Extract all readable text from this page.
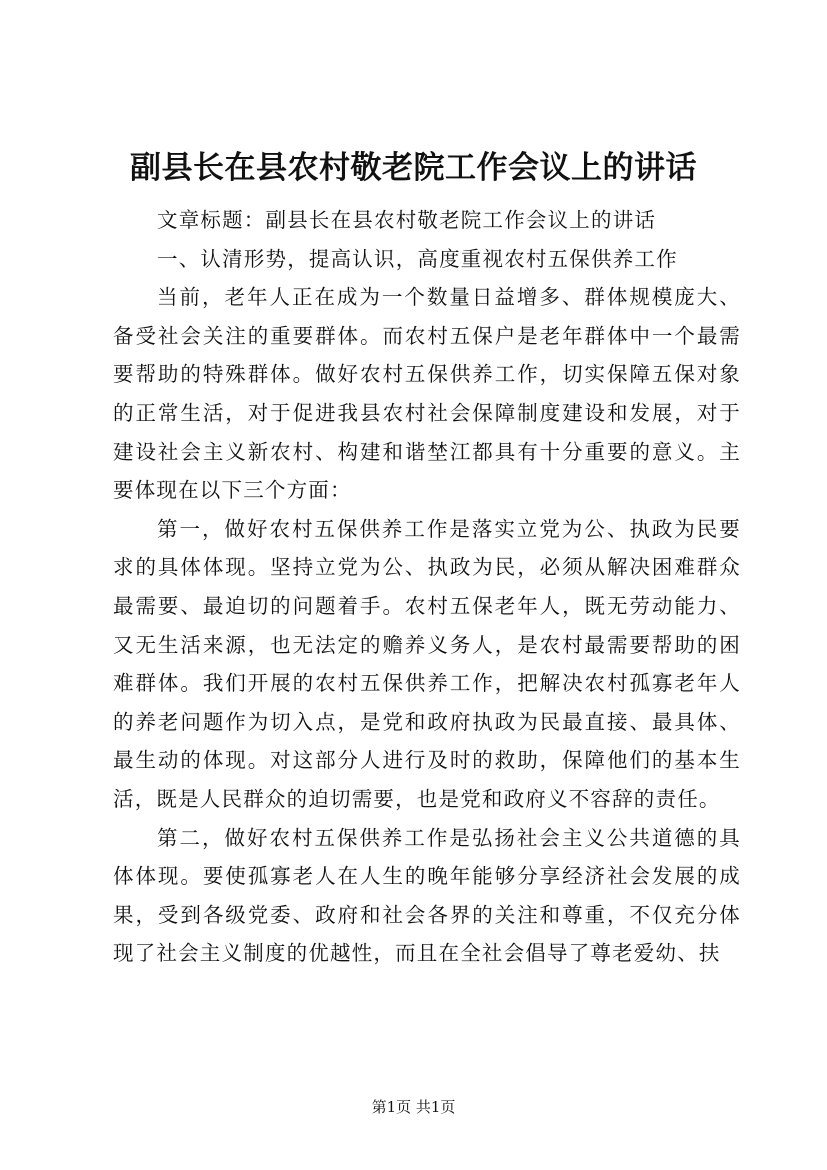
副县长在县农村敬老院工作会议上的讲话
文章标题：副县长在县农村敬老院工作会议上的讲话
一、认清形势，提高认识，高度重视农村五保供养工作

当前，老年人正在成为一个数量日益增多、群体规模庞大、备受社会关注的重要群体。而农村五保户是老年群体中一个最需要帮助的特殊群体。做好农村五保供养工作，切实保障五保对象的正常生活，对于促进我县农村社会保障制度建设和发展，对于建设社会主义新农村、构建和谐埜江都具有十分重要的意义。主要体现在以下三个方面：

第一，做好农村五保供养工作是落实立党为公、执政为民要求的具体体现。坚持立党为公、执政为民，必须从解决困难群众最需要、最迫切的问题着手。农村五保老年人，既无劳动能力、又无生活来源，也无法定的赡养义务人，是农村最需要帮助的困难群体。我们开展的农村五保供养工作，把解决农村孤寡老年人的养老问题作为切入点，是党和政府执政为民最直接、最具体、最生动的体现。对这部分人进行及时的救助，保障他们的基本生活，既是人民群众的迫切需要，也是党和政府义不容辞的责任。

第二，做好农村五保供养工作是弘扬社会主义公共道德的具体体现。要使孤寡老人在人生的晚年能够分享经济社会发展的成果，受到各级党委、政府和社会各界的关注和尊重，不仅充分体现了社会主义制度的优越性，而且在全社会倡导了尊老爱幼、扶

第1页 共1页
